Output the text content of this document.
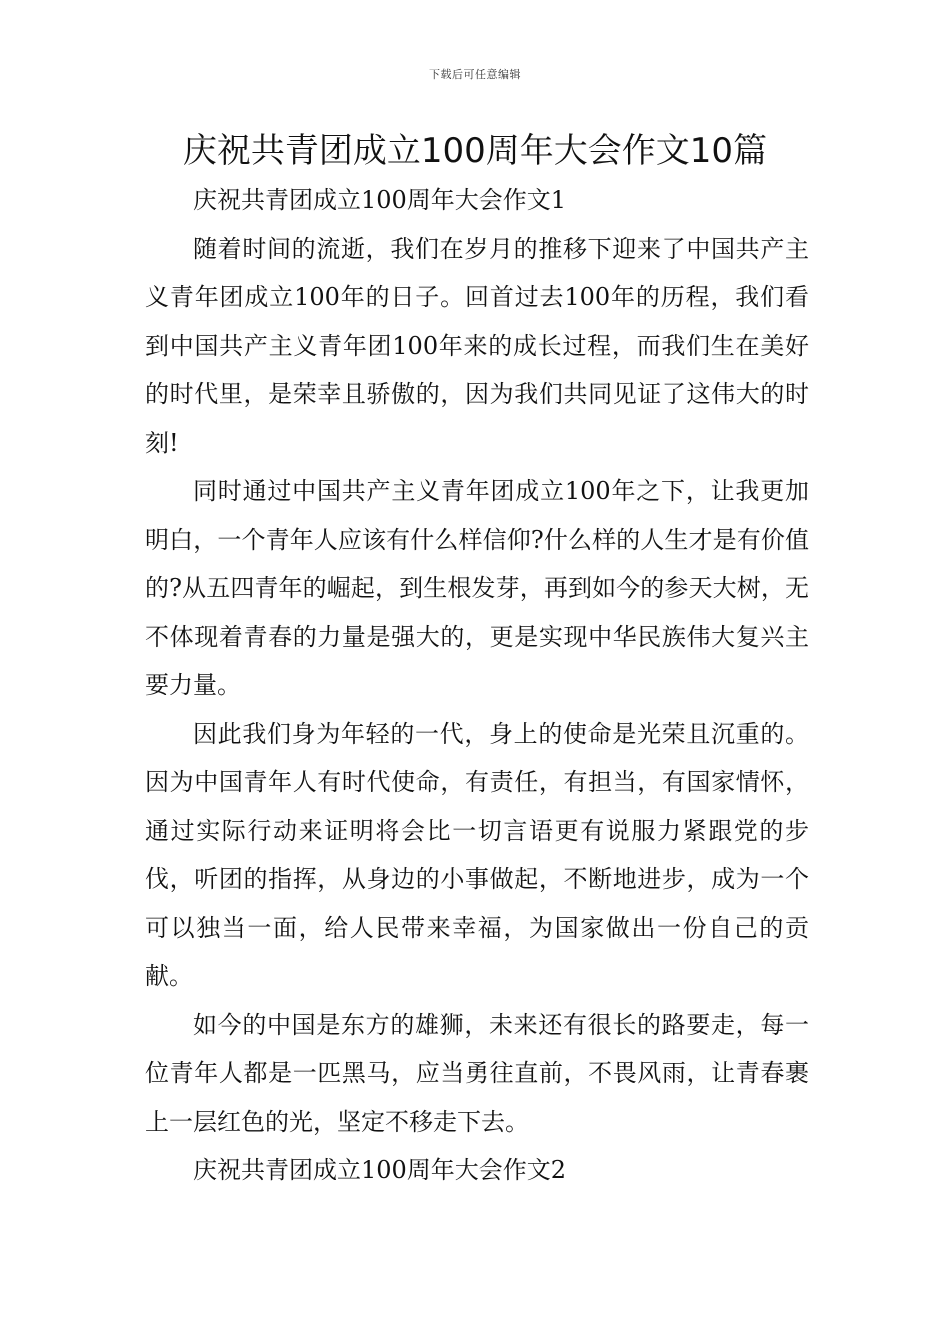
下载后可任意编辑
庆祝共青团成立100周年大会作文10篇

庆祝共青团成立100周年大会作文1

随着时间的流逝，我们在岁月的推移下迎来了中国共产主义青年团成立100年的日子。回首过去100年的历程，我们看到中国共产主义青年团100年来的成长过程，而我们生在美好的时代里，是荣幸且骄傲的，因为我们共同见证了这伟大的时刻!

同时通过中国共产主义青年团成立100年之下，让我更加明白，一个青年人应该有什么样信仰?什么样的人生才是有价值的?从五四青年的崛起，到生根发芽，再到如今的参天大树，无不体现着青春的力量是强大的，更是实现中华民族伟大复兴主要力量。

因此我们身为年轻的一代，身上的使命是光荣且沉重的。因为中国青年人有时代使命，有责任，有担当，有国家情怀，通过实际行动来证明将会比一切言语更有说服力紧跟党的步伐，听团的指挥，从身边的小事做起，不断地进步，成为一个可以独当一面，给人民带来幸福，为国家做出一份自己的贡献。

如今的中国是东方的雄狮，未来还有很长的路要走，每一位青年人都是一匹黑马，应当勇往直前，不畏风雨，让青春裹上一层红色的光，坚定不移走下去。

庆祝共青团成立100周年大会作文2
